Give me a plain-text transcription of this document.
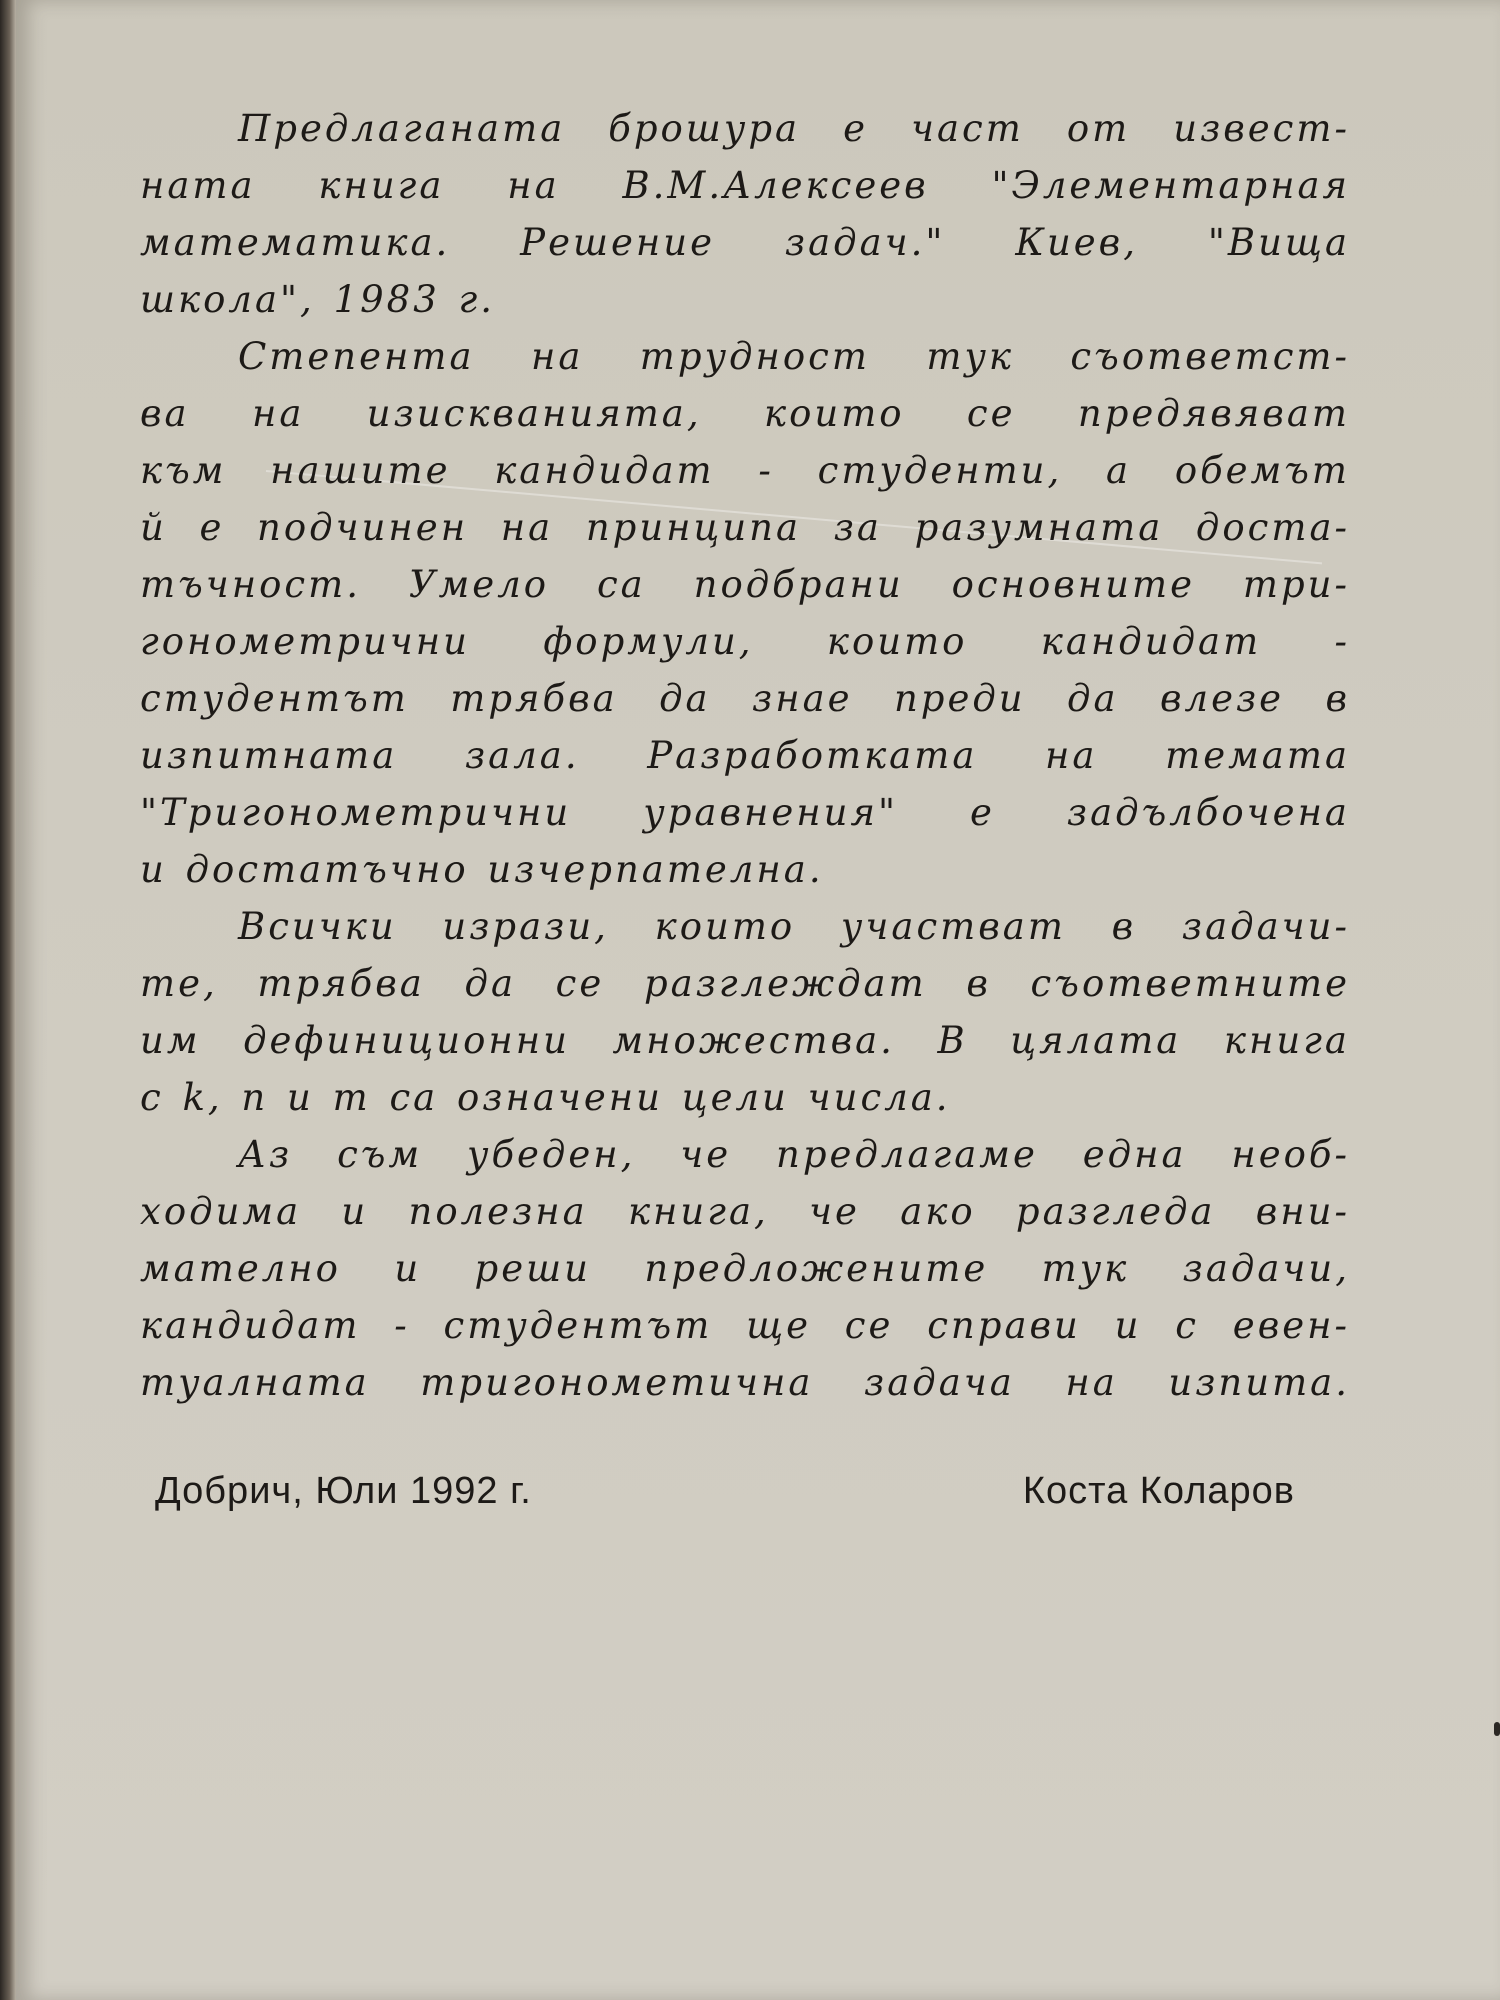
Предлаганата брошура е част от извест-
ната книга на В.М.Алексеев "Элементарная
математика. Решение задач." Киев, "Вища
школа", 1983 г.

Степента на трудност тук съответст-
ва на изискванията, които се предявяват
към нашите кандидат - студенти, а обемът
й е подчинен на принципа за разумната доста-
тъчност. Умело са подбрани основните три-
гонометрични формули, които кандидат -
студентът трябва да знае преди да влезе в
изпитната зала. Разработката на темата
"Тригонометрични уравнения" е задълбочена
и достатъчно изчерпателна.

Всички изрази, които участват в задачи-
те, трябва да се разглеждат в съответните
им дефиниционни множества. В цялата книга
с k, n и m са означени цели числа.

Аз съм убеден, че предлагаме една необ-
ходима и полезна книга, че ако разгледа вни-
мателно и реши предложените тук задачи,
кандидат - студентът ще се справи и с евен-
туалната тригонометична задача на изпита.

Добрич, Юли 1992 г.	Коста Коларов
